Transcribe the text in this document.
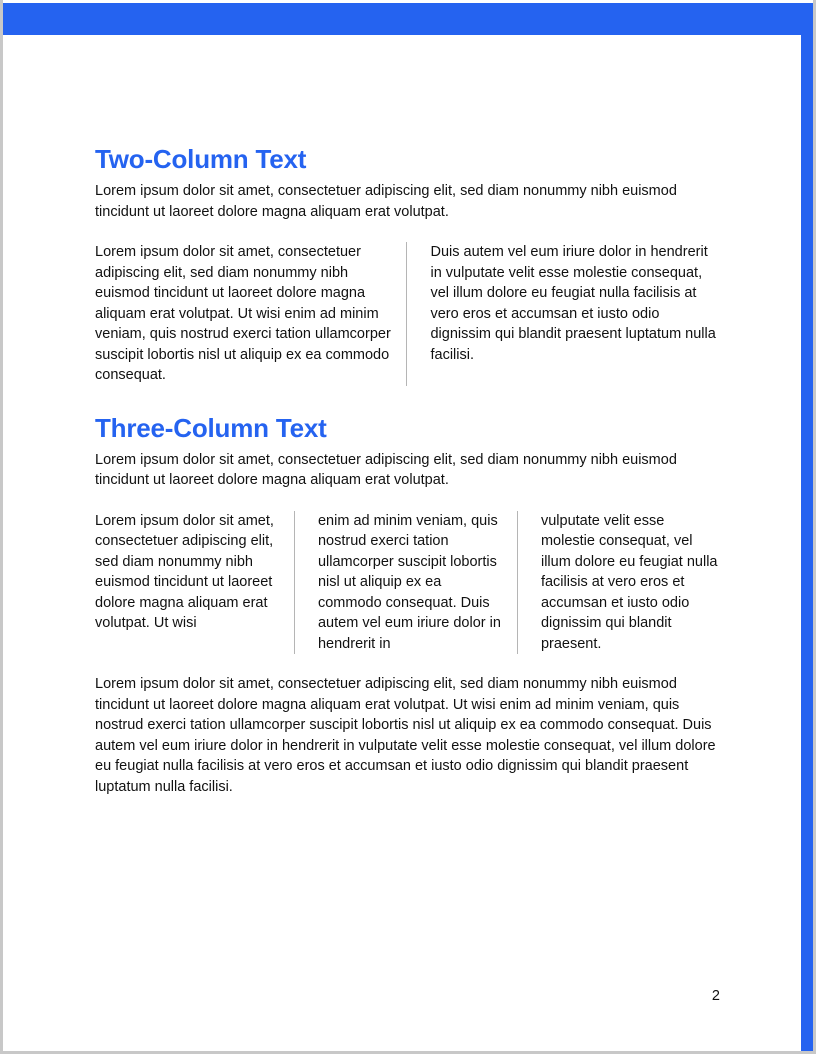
Two-Column Text

Lorem ipsum dolor sit amet, consectetuer adipiscing elit, sed diam nonummy nibh euismod tincidunt ut laoreet dolore magna aliquam erat volutpat.

Lorem ipsum dolor sit amet, consectetuer adipiscing elit, sed diam nonummy nibh euismod tincidunt ut laoreet dolore magna aliquam erat volutpat. Ut wisi enim ad minim veniam, quis nostrud exerci tation ullamcorper suscipit lobortis nisl ut aliquip ex ea commodo consequat.

Duis autem vel eum iriure dolor in hendrerit in vulputate velit esse molestie consequat, vel illum dolore eu feugiat nulla facilisis at vero eros et accumsan et iusto odio dignissim qui blandit praesent luptatum nulla facilisi.

Three-Column Text

Lorem ipsum dolor sit amet, consectetuer adipiscing elit, sed diam nonummy nibh euismod tincidunt ut laoreet dolore magna aliquam erat volutpat.

Lorem ipsum dolor sit amet, consectetuer adipiscing elit, sed diam nonummy nibh euismod tincidunt ut laoreet dolore magna aliquam erat volutpat. Ut wisi

enim ad minim veniam, quis nostrud exerci tation ullamcorper suscipit lobortis nisl ut aliquip ex ea commodo consequat. Duis autem vel eum iriure dolor in hendrerit in

vulputate velit esse molestie consequat, vel illum dolore eu feugiat nulla facilisis at vero eros et accumsan et iusto odio dignissim qui blandit praesent.

Lorem ipsum dolor sit amet, consectetuer adipiscing elit, sed diam nonummy nibh euismod tincidunt ut laoreet dolore magna aliquam erat volutpat. Ut wisi enim ad minim veniam, quis nostrud exerci tation ullamcorper suscipit lobortis nisl ut aliquip ex ea commodo consequat. Duis autem vel eum iriure dolor in hendrerit in vulputate velit esse molestie consequat, vel illum dolore eu feugiat nulla facilisis at vero eros et accumsan et iusto odio dignissim qui blandit praesent luptatum nulla facilisi.

2
